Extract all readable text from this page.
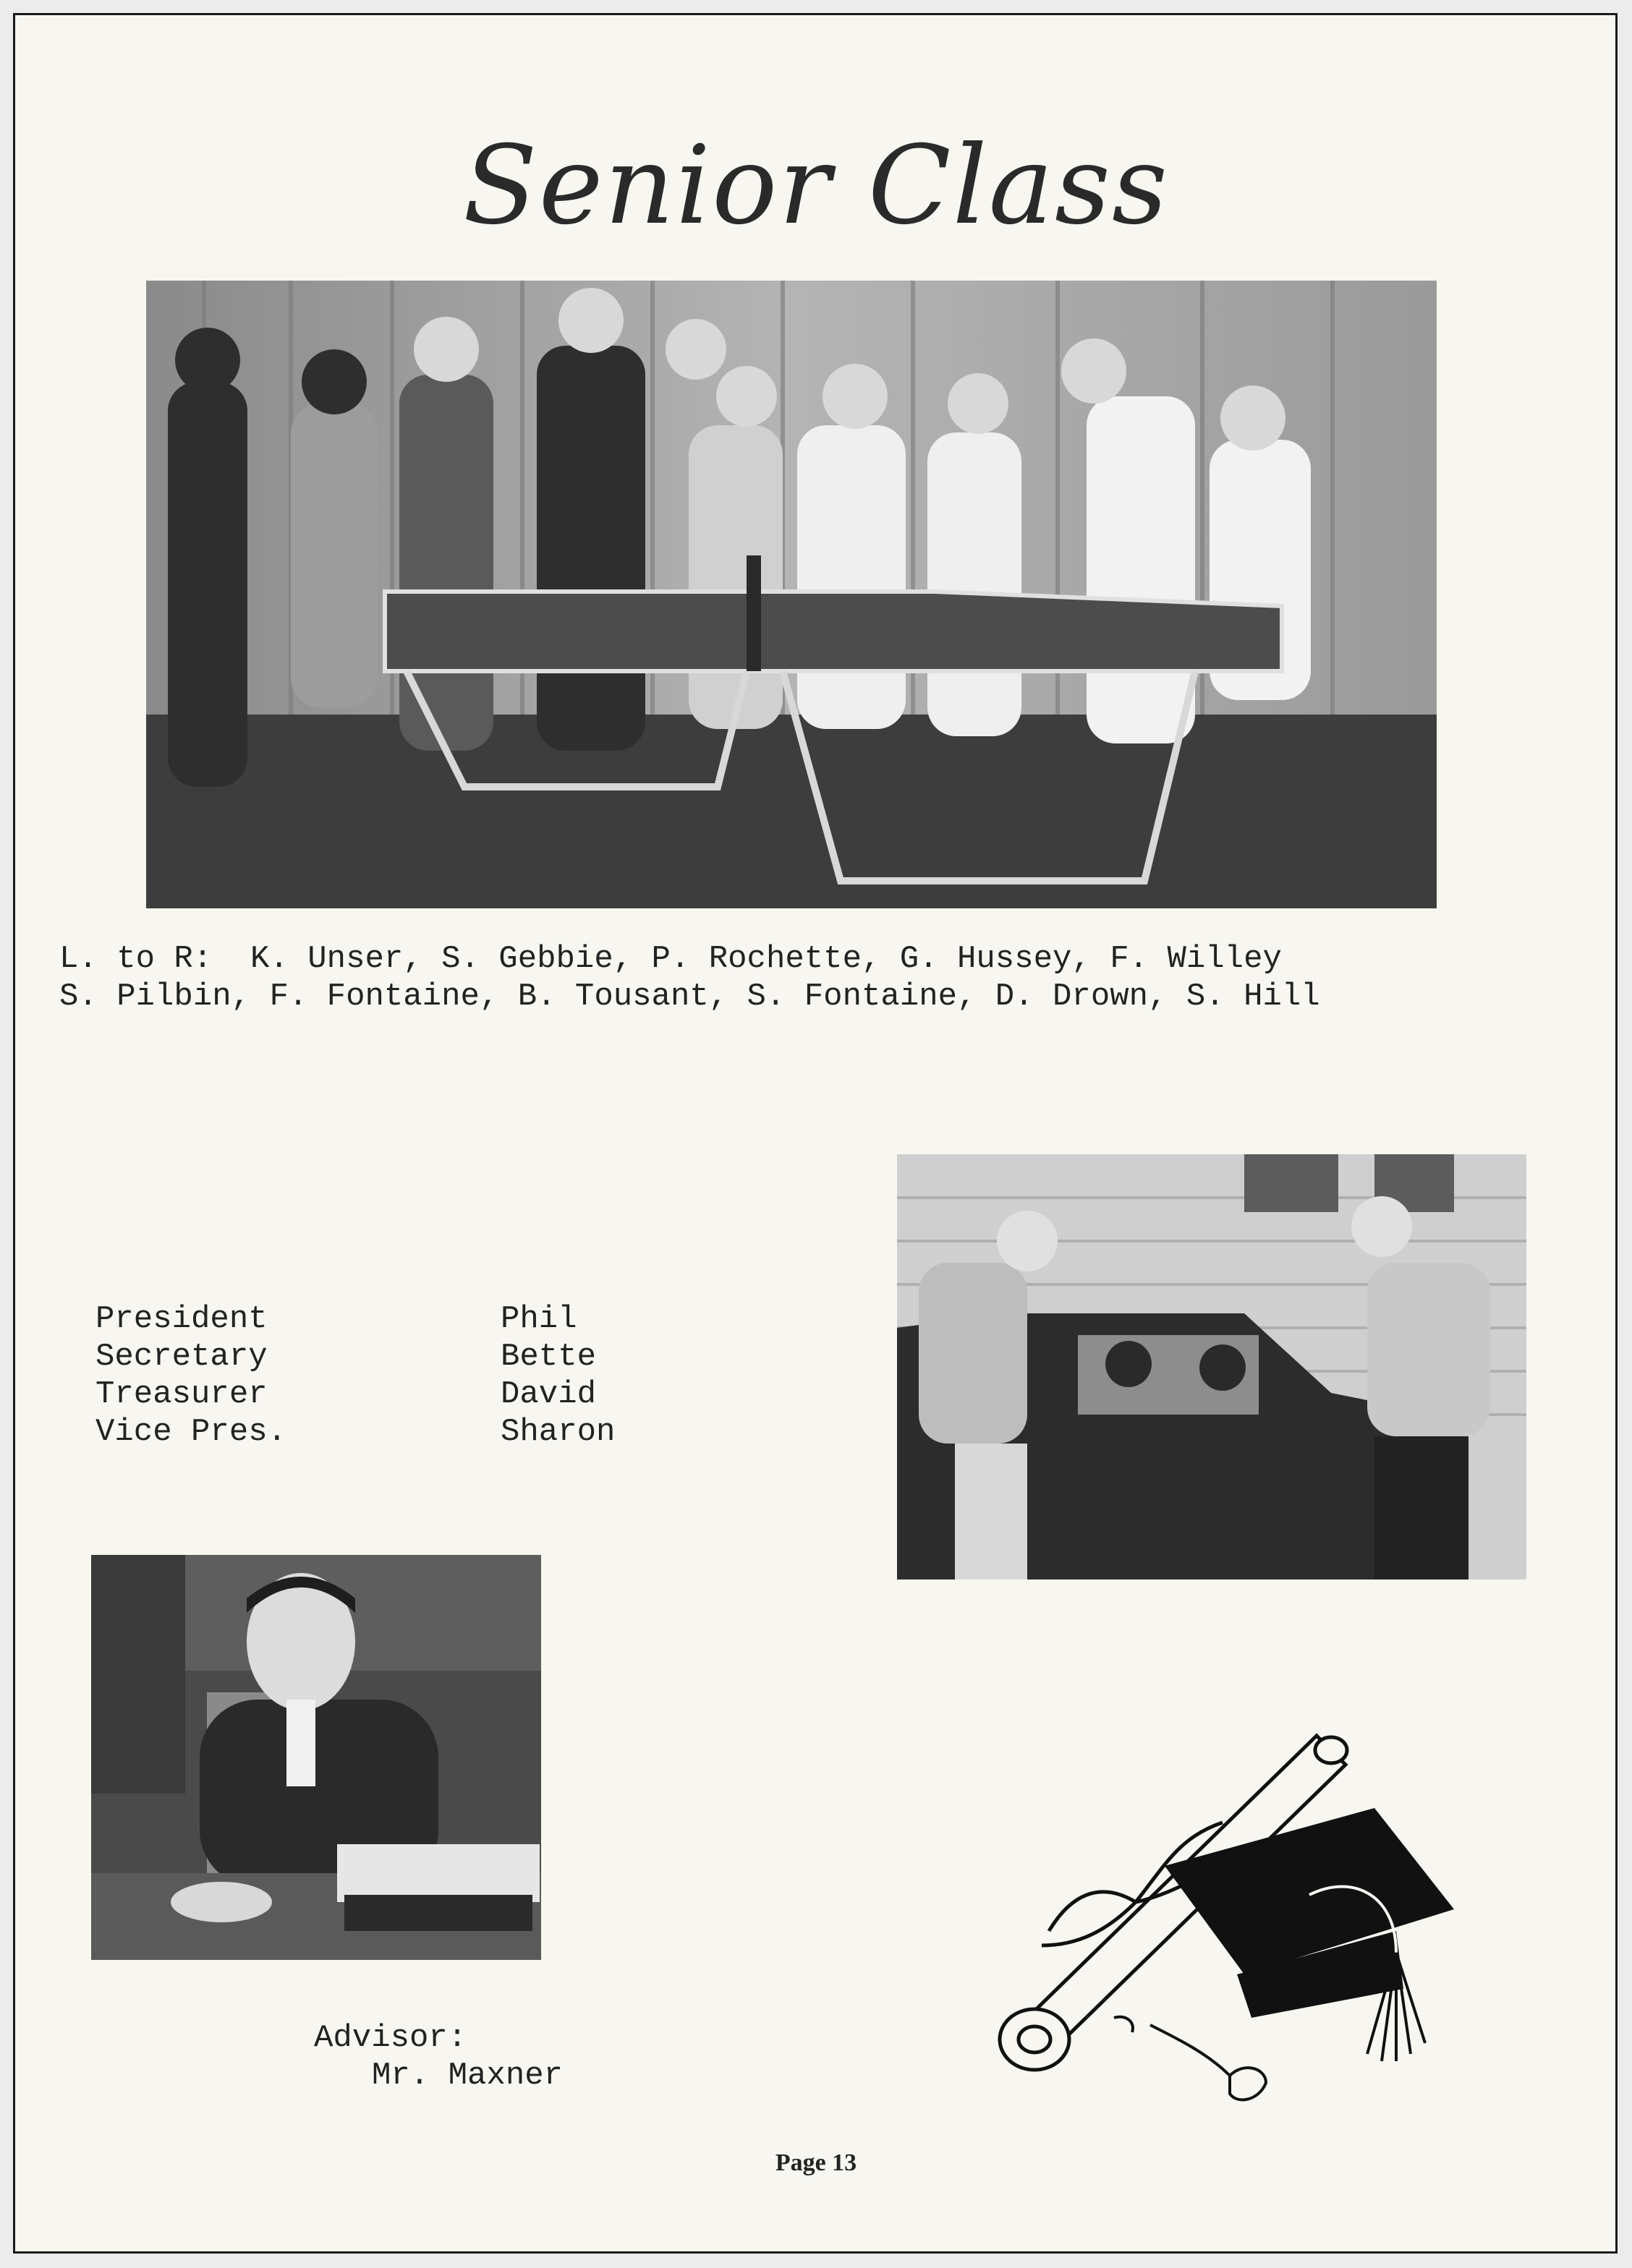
Senior Class
L. to R:  K. Unser, S. Gebbie, P. Rochette, G. Hussey, F. Willey
S. Pilbin, F. Fontaine, B. Tousant, S. Fontaine, D. Drown, S. Hill
President	Phil
Secretary	Bette
Treasurer	David
Vice Pres.	Sharon
Advisor:
Mr. Maxner
Page 13
